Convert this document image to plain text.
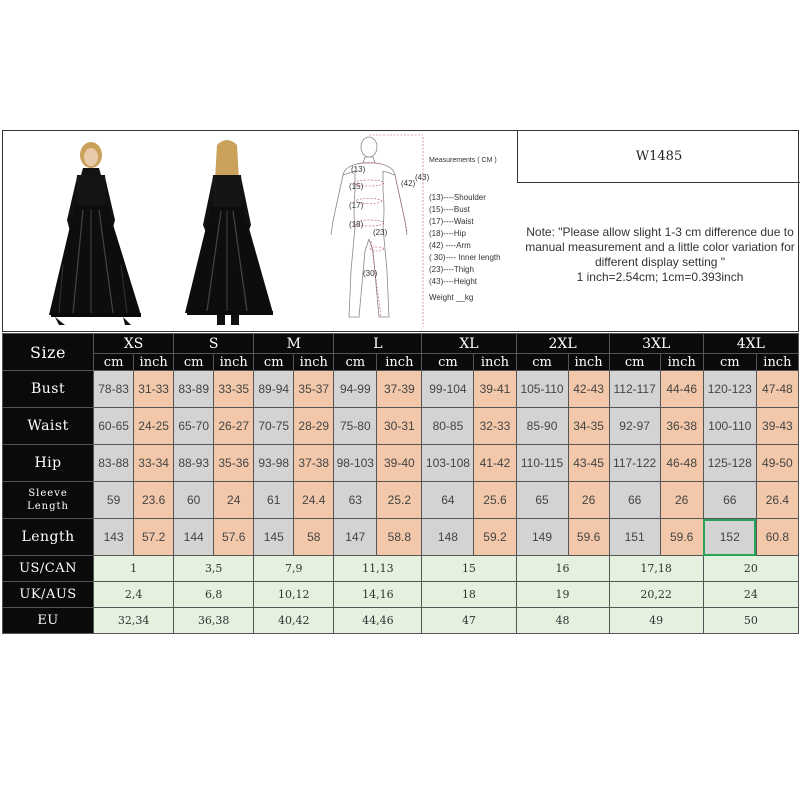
(13)
(15)
(17)
(18)
(23)
(30)
(42)
(43)
Measurements ( CM )
(13)----Shoulder
(15)----Bust
(17)----Waist
(18)----Hip
(42) ----Arm
( 30)---- Inner length
(23)----Thigh
(43)----Height
Weight __kg
W1485
Note: "Please allow slight 1-3 cm difference due to manual measurement and a little color variation for different display setting "
1 inch=2.54cm; 1cm=0.393inch
Size	XS		S		M		L		XL		2XL		3XL		4XL	
	cm	inch	cm	inch	cm	inch	cm	inch	cm	inch	cm	inch	cm	inch	cm	inch
Bust	78-83	31-33	83-89	33-35	89-94	35-37	94-99	37-39	99-104	39-41	105-110	42-43	112-117	44-46	120-123	47-48
Waist	60-65	24-25	65-70	26-27	70-75	28-29	75-80	30-31	80-85	32-33	85-90	34-35	92-97	36-38	100-110	39-43
Hip	83-88	33-34	88-93	35-36	93-98	37-38	98-103	39-40	103-108	41-42	110-115	43-45	117-122	46-48	125-128	49-50
Sleeve
Length	59	23.6	60	24	61	24.4	63	25.2	64	25.6	65	26	66	26	66	26.4
Length	143	57.2	144	57.6	145	58	147	58.8	148	59.2	149	59.6	151	59.6	152	60.8
US/CAN	1		3,5		7,9		11,13		15		16		17,18		20	
UK/AUS	2,4		6,8		10,12		14,16		18		19		20,22		24	
EU	32,34		36,38		40,42		44,46		47		48		49		50	
